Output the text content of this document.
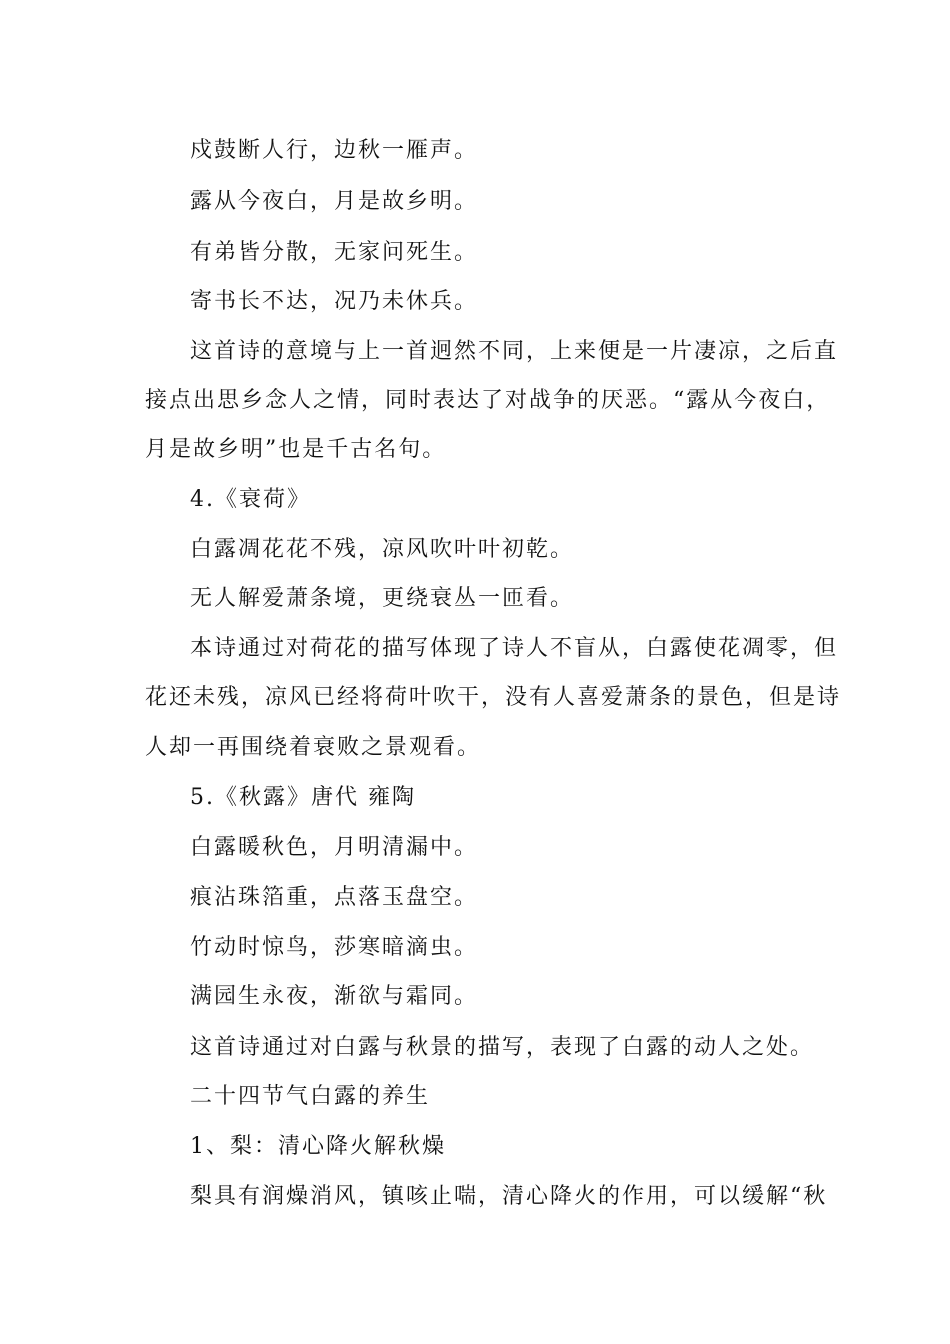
戍鼓断人行，边秋一雁声。
露从今夜白，月是故乡明。
有弟皆分散，无家问死生。
寄书长不达，况乃未休兵。
这首诗的意境与上一首迥然不同，上来便是一片凄凉，之后直
接点出思乡念人之情，同时表达了对战争的厌恶。“露从今夜白，
月是故乡明”也是千古名句。
4.《衰荷》
白露凋花花不残，凉风吹叶叶初乾。
无人解爱萧条境，更绕衰丛一匝看。
本诗通过对荷花的描写体现了诗人不盲从，白露使花凋零，但
花还未残，凉风已经将荷叶吹干，没有人喜爱萧条的景色，但是诗
人却一再围绕着衰败之景观看。
5.《秋露》唐代 雍陶
白露暖秋色，月明清漏中。
痕沾珠箔重，点落玉盘空。
竹动时惊鸟，莎寒暗滴虫。
满园生永夜，渐欲与霜同。
这首诗通过对白露与秋景的描写，表现了白露的动人之处。
二十四节气白露的养生
1、梨：清心降火解秋燥
梨具有润燥消风，镇咳止喘，清心降火的作用，可以缓解“秋
